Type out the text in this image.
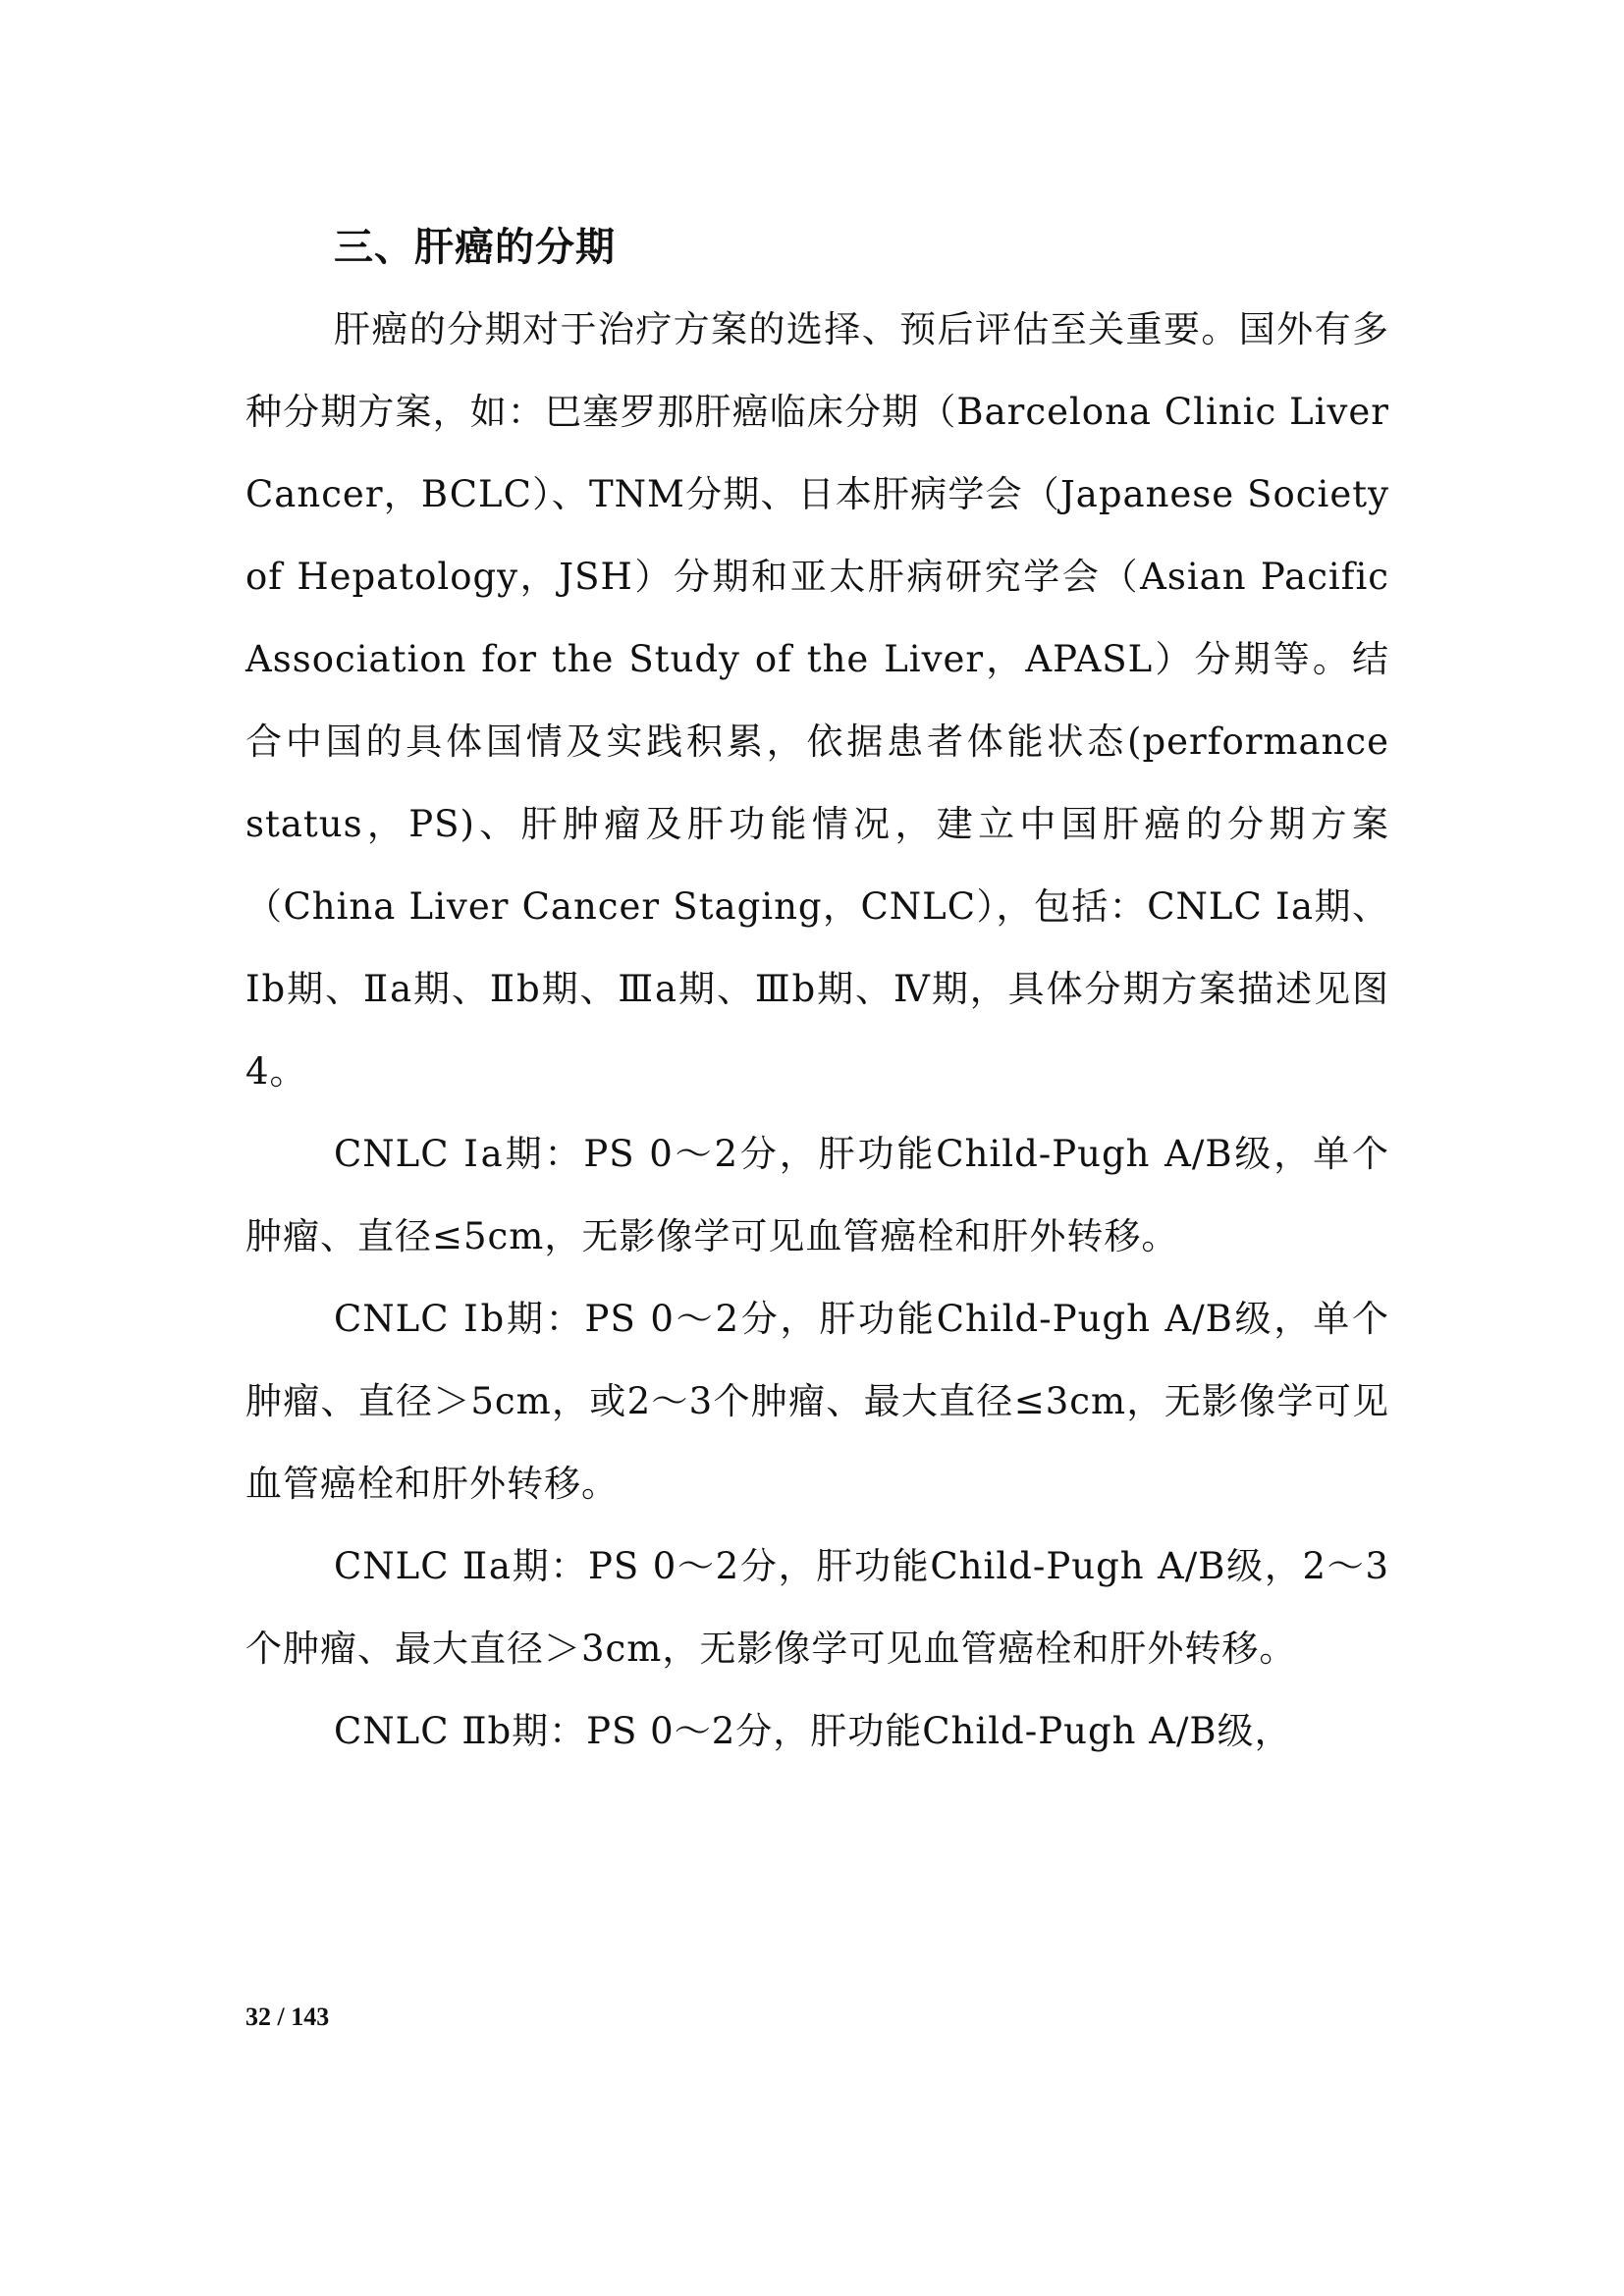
三、肝癌的分期

肝癌的分期对于治疗方案的选择、预后评估至关重要。国外有多种分期方案，如：巴塞罗那肝癌临床分期（Barcelona Clinic Liver Cancer，BCLC）、TNM分期、日本肝病学会（Japanese Society of Hepatology，JSH）分期和亚太肝病研究学会（Asian Pacific Association for the Study of the Liver，APASL）分期等。结合中国的具体国情及实践积累，依据患者体能状态(performance status，PS)、肝肿瘤及肝功能情况，建立中国肝癌的分期方案（China Liver Cancer Staging，CNLC），包括：CNLC Ⅰa期、Ⅰb期、Ⅱa期、Ⅱb期、Ⅲa期、Ⅲb期、Ⅳ期，具体分期方案描述见图4。

CNLC Ⅰa期：PS 0～2分，肝功能Child-Pugh A/B级，单个肿瘤、直径≤5cm，无影像学可见血管癌栓和肝外转移。

CNLC Ⅰb期：PS 0～2分，肝功能Child-Pugh A/B级，单个肿瘤、直径＞5cm，或2～3个肿瘤、最大直径≤3cm，无影像学可见血管癌栓和肝外转移。

CNLC Ⅱa期：PS 0～2分，肝功能Child-Pugh A/B级，2～3个肿瘤、最大直径＞3cm，无影像学可见血管癌栓和肝外转移。

CNLC Ⅱb期：PS 0～2分，肝功能Child-Pugh A/B级，

32 / 143
